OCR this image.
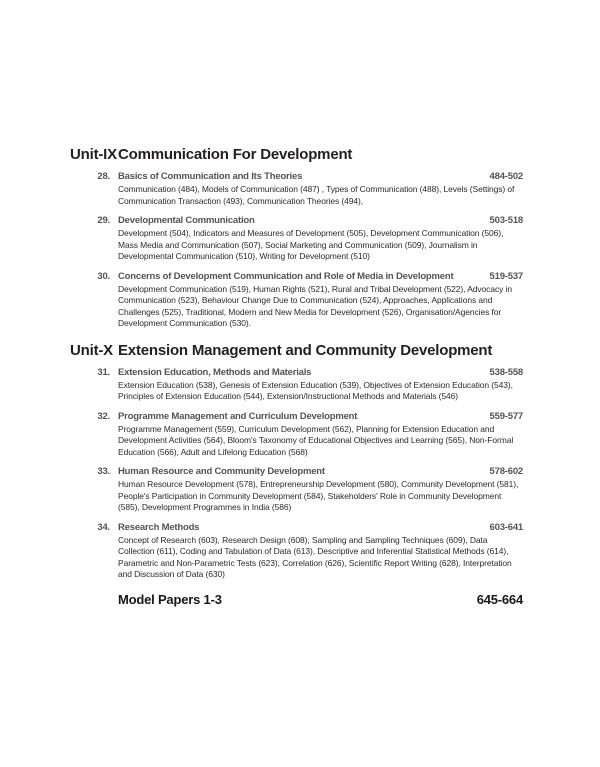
Unit-IX Communication For Development
28. Basics of Communication and Its Theories	484-502
Communication (484), Models of Communication (487) , Types of Communication (488), Levels (Settings) of Communication Transaction (493), Communication Theories (494),
29. Developmental Communication	503-518
Development (504), Indicators and Measures of Development (505), Development Communication (506), Mass Media and Communication (507), Social Marketing and Communication (509), Journalism in Developmental Communication (510), Writing for Development (510)
30. Concerns of Development Communication and Role of Media in Development	519-537
Development Communication (519), Human Rights (521), Rural and Tribal Development (522), Advocacy in Communication (523), Behaviour Change Due to Communication (524), Approaches, Applications and Challenges (525), Traditional, Modern and New Media for Development (526), Organisation/Agencies for Development Communication (530).
Unit-X Extension Management and Community Development
31. Extension Education, Methods and Materials	538-558
Extension Education (538), Genesis of Extension Education (539), Objectives of Extension Education (543), Principles of Extension Education (544), Extension/Instructional Methods and Materials (546)
32. Programme Management and Curriculum Development	559-577
Programme Management (559), Curriculum Development (562), Planning for Extension Education and Development Activities (564), Bloom's Taxonomy of Educational Objectives and Learning (565), Non-Formal Education (566), Adult and Lifelong Education (568)
33. Human Resource and Community Development	578-602
Human Resource Development (578), Entrepreneurship Development (580), Community Development (581), People's Participation in Community Development (584), Stakeholders' Role in Community Development (585), Development Programmes in India (586)
34. Research Methods	603-641
Concept of Research (603), Research Design (608), Sampling and Sampling Techniques (609), Data Collection (611), Coding and Tabulation of Data (613), Descriptive and Inferential Statistical Methods (614), Parametric and Non-Parametric Tests (623), Correlation (626), Scientific Report Writing (628), Interpretation and Discussion of Data (630)
Model Papers 1-3	645-664
